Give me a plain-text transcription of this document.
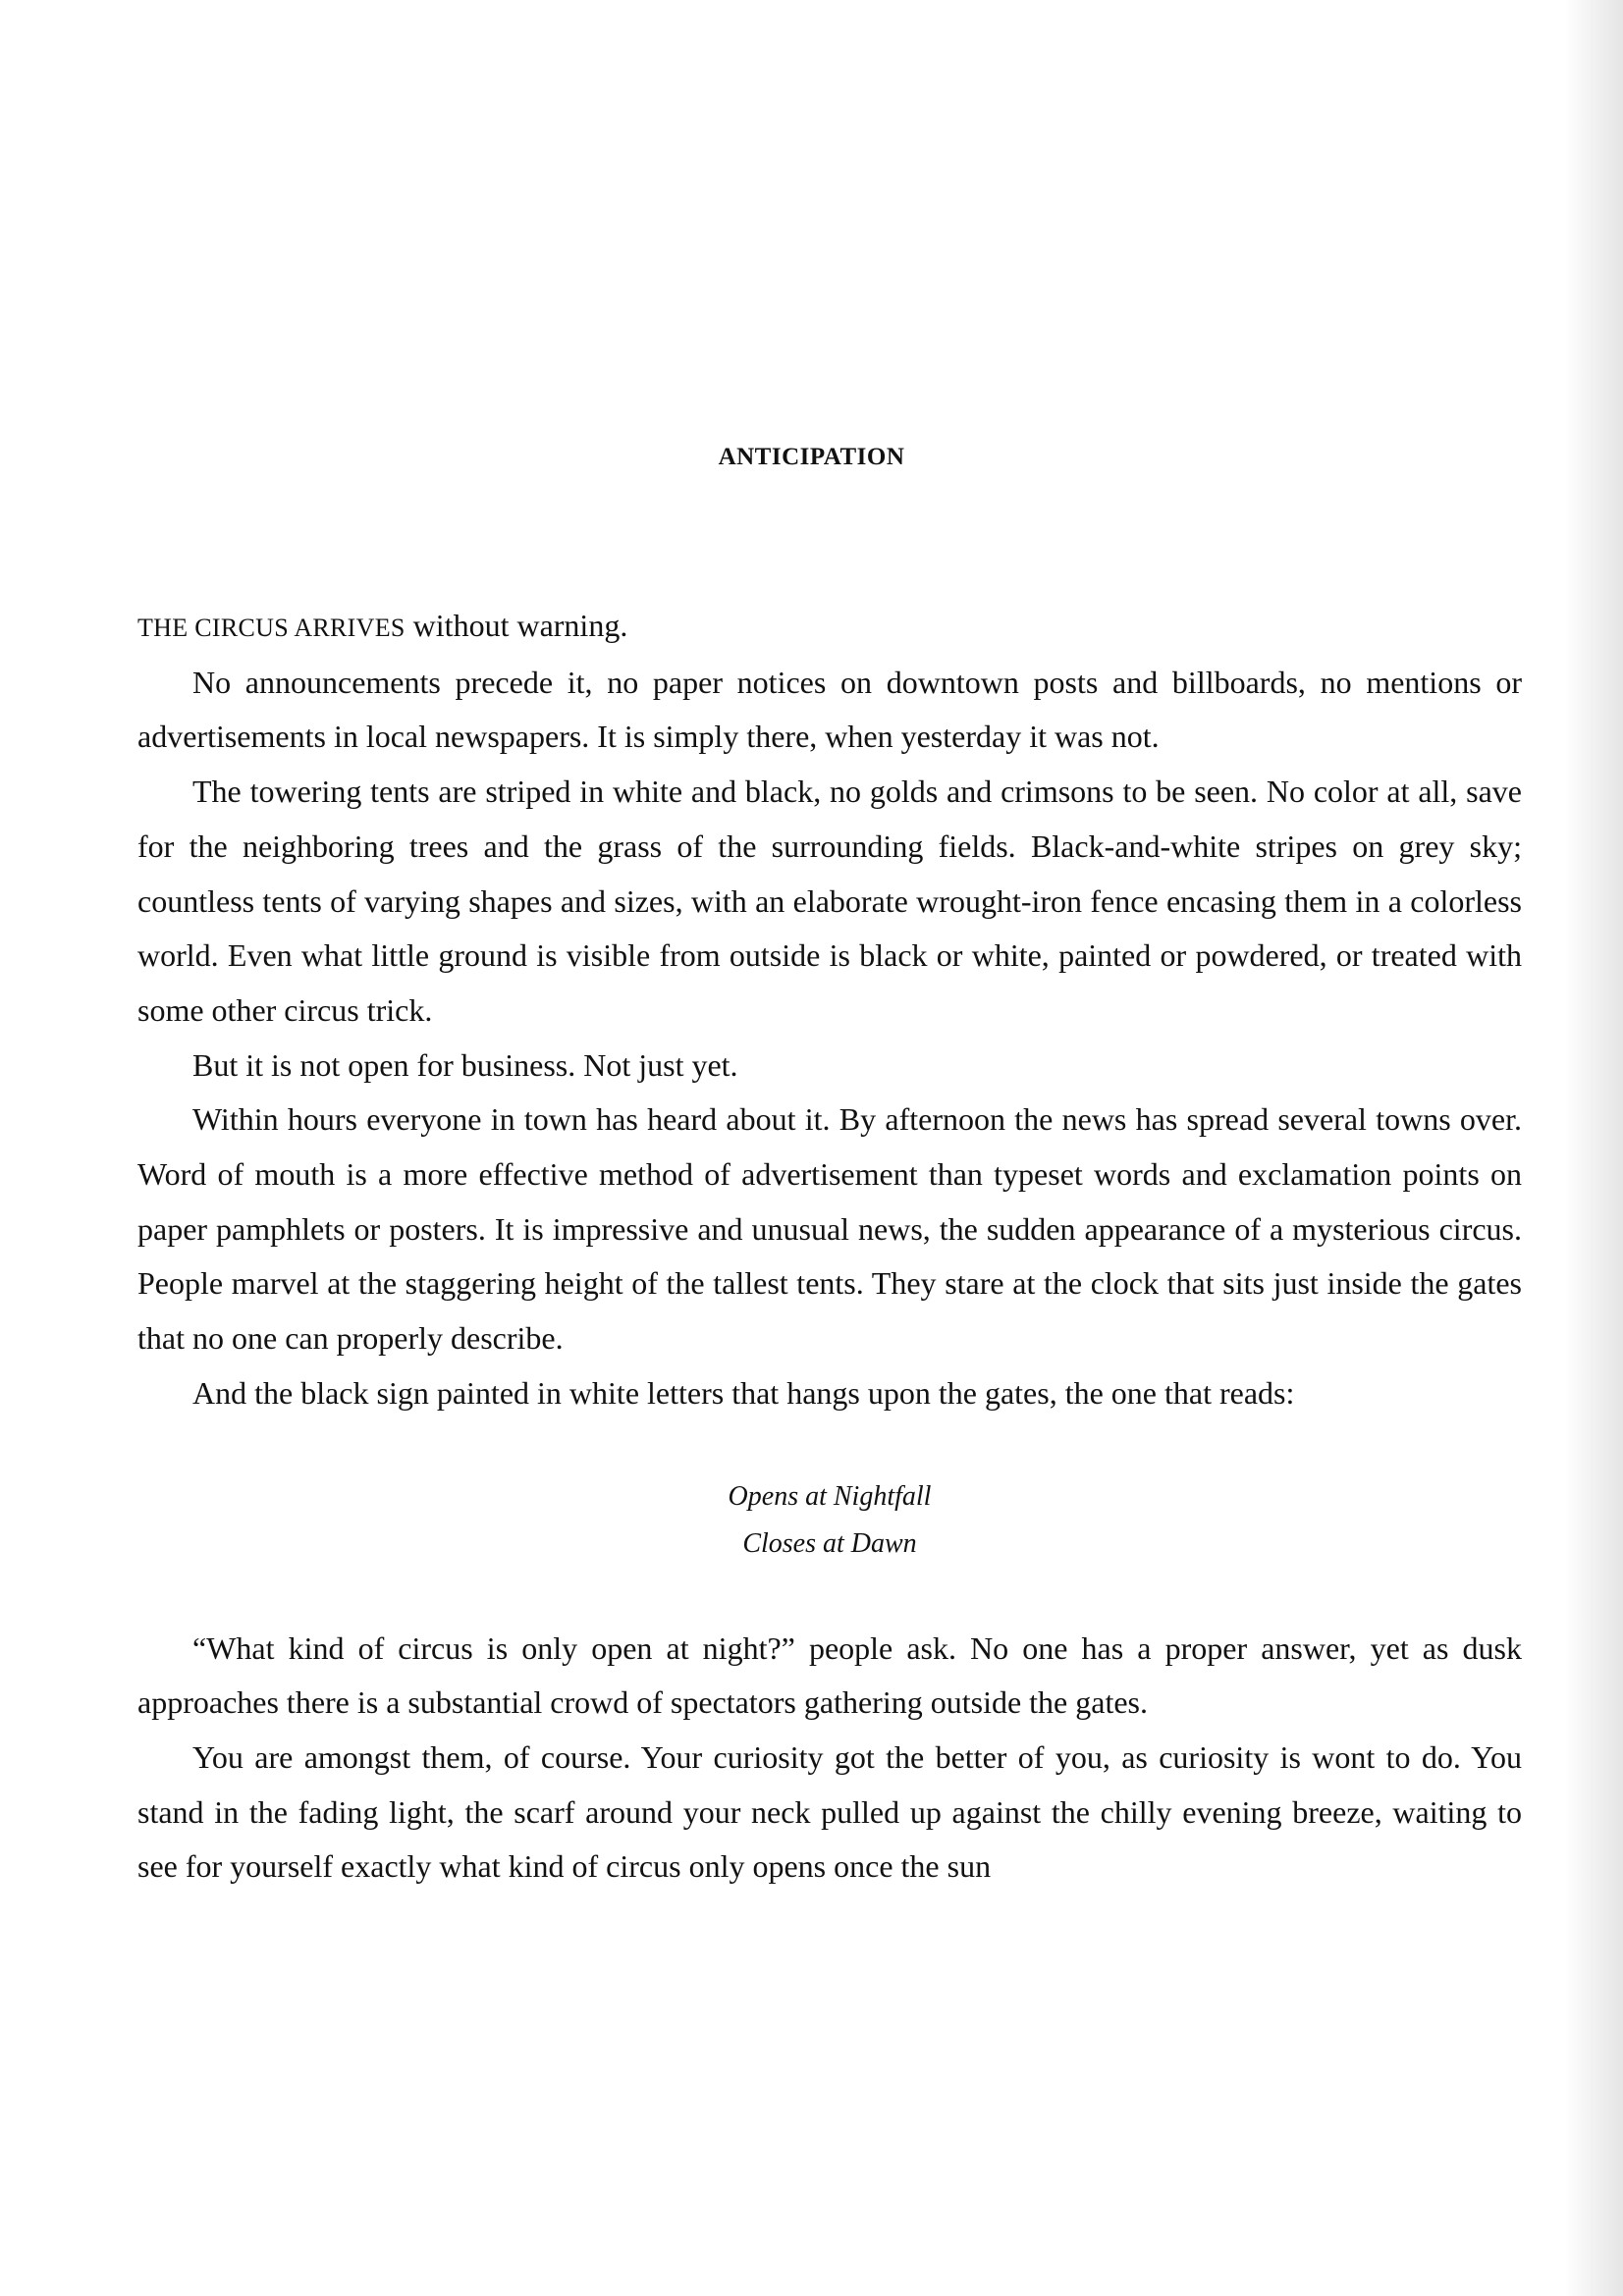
ANTICIPATION

THE CIRCUS ARRIVES without warning.

No announcements precede it, no paper notices on downtown posts and billboards, no mentions or advertisements in local newspapers. It is simply there, when yesterday it was not.

The towering tents are striped in white and black, no golds and crimsons to be seen. No color at all, save for the neighboring trees and the grass of the surrounding fields. Black-and-white stripes on grey sky; countless tents of varying shapes and sizes, with an elaborate wrought-iron fence encasing them in a colorless world. Even what little ground is visible from outside is black or white, painted or powdered, or treated with some other circus trick.

But it is not open for business. Not just yet.

Within hours everyone in town has heard about it. By afternoon the news has spread several towns over. Word of mouth is a more effective method of advertisement than typeset words and exclamation points on paper pamphlets or posters. It is impressive and unusual news, the sudden appearance of a mysterious circus. People marvel at the staggering height of the tallest tents. They stare at the clock that sits just inside the gates that no one can properly describe.

And the black sign painted in white letters that hangs upon the gates, the one that reads:

Opens at Nightfall
Closes at Dawn

“What kind of circus is only open at night?” people ask. No one has a proper answer, yet as dusk approaches there is a substantial crowd of spectators gathering outside the gates.

You are amongst them, of course. Your curiosity got the better of you, as curiosity is wont to do. You stand in the fading light, the scarf around your neck pulled up against the chilly evening breeze, waiting to see for yourself exactly what kind of circus only opens once the sun
